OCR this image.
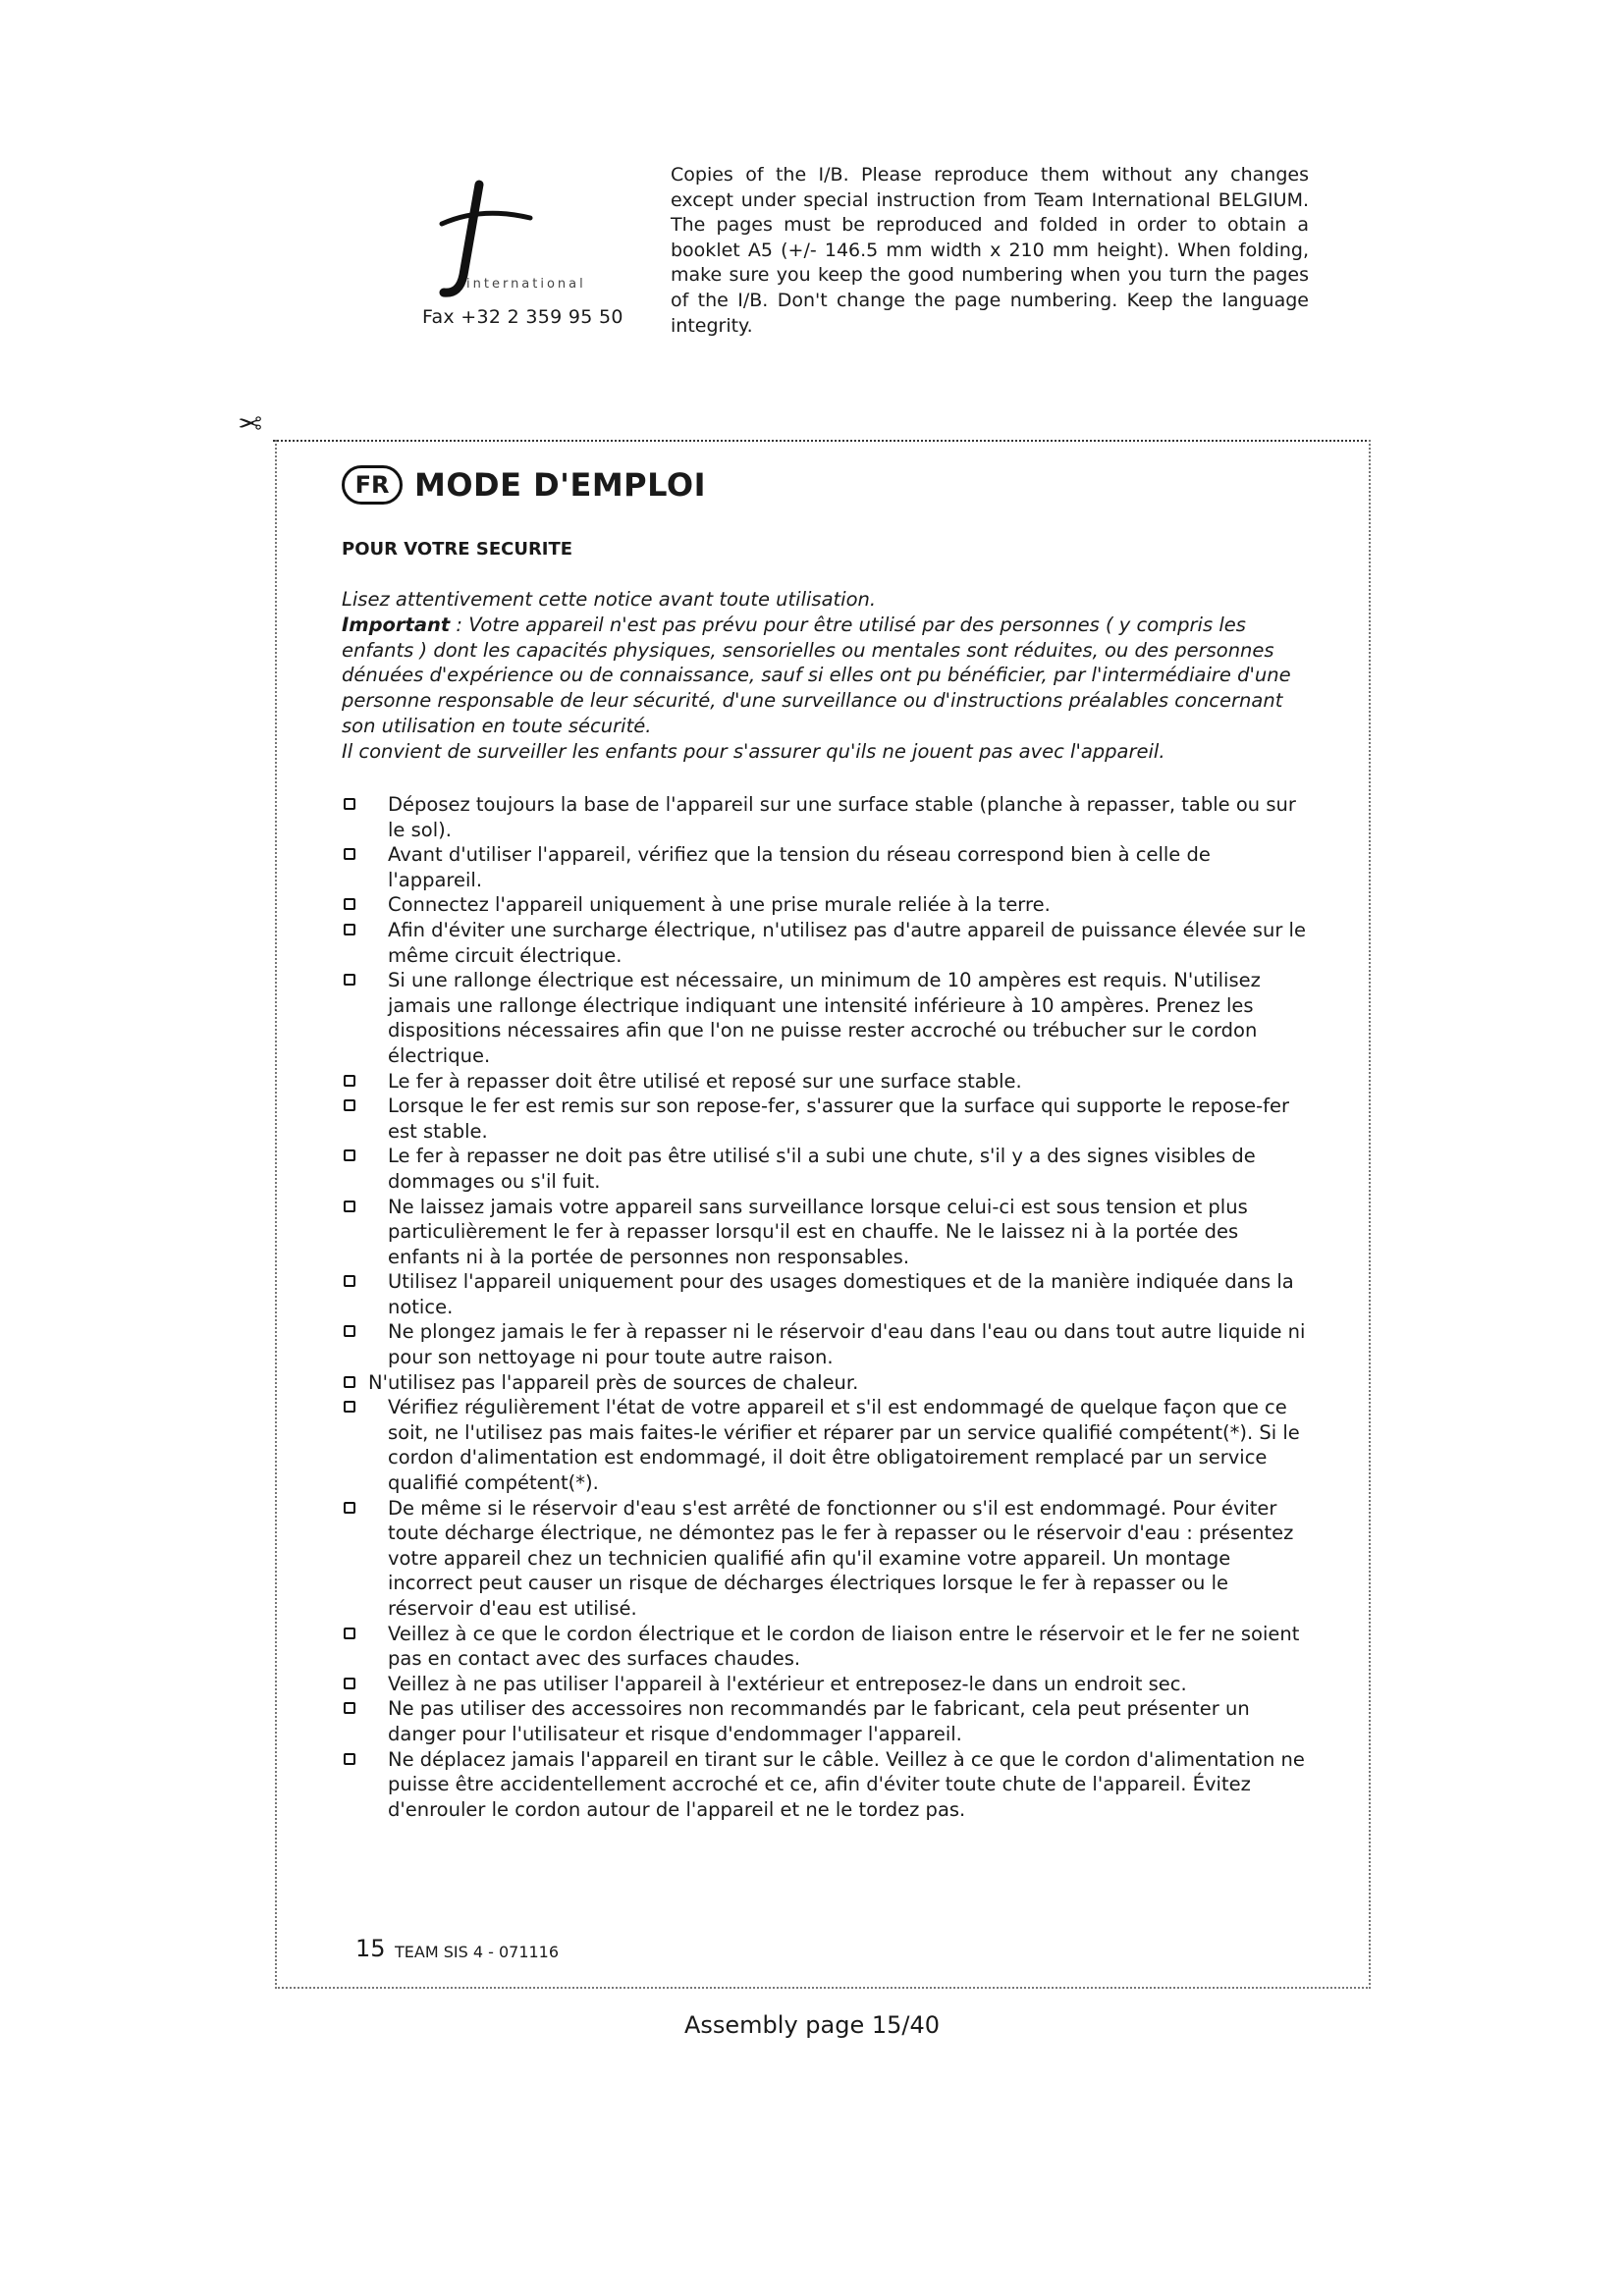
international
Fax +32 2 359 95 50
Copies of the I/B. Please reproduce them without any changes except under special instruction from Team International BELGIUM. The pages must be reproduced and folded in order to obtain a booklet A5 (+/- 146.5 mm width x 210 mm height). When folding, make sure you keep the good numbering when you turn the pages of the I/B. Don't change the page numbering. Keep the language integrity.
✂
FR MODE D'EMPLOI
POUR VOTRE SECURITE

Lisez attentivement cette notice avant toute utilisation.

Important : Votre appareil n'est pas prévu pour être utilisé par des personnes ( y compris les enfants ) dont les capacités physiques, sensorielles ou mentales sont réduites, ou des personnes dénuées d'expérience ou de connaissance, sauf si elles ont pu bénéficier, par l'intermédiaire d'une personne responsable de leur sécurité, d'une surveillance ou d'instructions préalables concernant son utilisation en toute sécurité.

Il convient de surveiller les enfants pour s'assurer qu'ils ne jouent pas avec l'appareil.

Déposez toujours la base de l'appareil sur une surface stable (planche à repasser, table ou sur le sol).
Avant d'utiliser l'appareil, vérifiez que la tension du réseau correspond bien à celle de l'appareil.
Connectez l'appareil uniquement à une prise murale reliée à la terre.
Afin d'éviter une surcharge électrique, n'utilisez pas d'autre appareil de puissance élevée sur le même circuit électrique.
Si une rallonge électrique est nécessaire, un minimum de 10 ampères est requis. N'utilisez jamais une rallonge électrique indiquant une intensité inférieure à 10 ampères. Prenez les dispositions nécessaires afin que l'on ne puisse rester accroché ou trébucher sur le cordon électrique.
Le fer à repasser doit être utilisé et reposé sur une surface stable.
Lorsque le fer est remis sur son repose-fer, s'assurer que la surface qui supporte le repose-fer est stable.
Le fer à repasser ne doit pas être utilisé s'il a subi une chute, s'il y a des signes visibles de dommages ou s'il fuit.
Ne laissez jamais votre appareil sans surveillance lorsque celui-ci est sous tension et plus particulièrement le fer à repasser lorsqu'il est en chauffe. Ne le laissez ni à la portée des enfants ni à la portée de personnes non responsables.
Utilisez l'appareil uniquement pour des usages domestiques et de la manière indiquée dans la notice.
Ne plongez jamais le fer à repasser ni le réservoir d'eau dans l'eau ou dans tout autre liquide ni pour son nettoyage ni pour toute autre raison.
N'utilisez pas l'appareil près de sources de chaleur.
Vérifiez régulièrement l'état de votre appareil et s'il est endommagé de quelque façon que ce soit, ne l'utilisez pas mais faites-le vérifier et réparer par un service qualifié compétent(*). Si le cordon d'alimentation est endommagé, il doit être obligatoirement remplacé par un service qualifié compétent(*).
De même si le réservoir d'eau s'est arrêté de fonctionner ou s'il est endommagé. Pour éviter toute décharge électrique, ne démontez pas le fer à repasser ou le réservoir d'eau : présentez votre appareil chez un technicien qualifié afin qu'il examine votre appareil. Un montage incorrect peut causer un risque de décharges électriques lorsque le fer à repasser ou le réservoir d'eau est utilisé.
Veillez à ce que le cordon électrique et le cordon de liaison entre le réservoir et le fer ne soient pas en contact avec des surfaces chaudes.
Veillez à ne pas utiliser l'appareil à l'extérieur et entreposez-le dans un endroit sec.
Ne pas utiliser des accessoires non recommandés par le fabricant, cela peut présenter un danger pour l'utilisateur et risque d'endommager l'appareil.
Ne déplacez jamais l'appareil en tirant sur le câble. Veillez à ce que le cordon d'alimentation ne puisse être accidentellement accroché et ce, afin d'éviter toute chute de l'appareil. Évitez d'enrouler le cordon autour de l'appareil et ne le tordez pas.
15 TEAM SIS 4 - 071116
Assembly page 15/40
